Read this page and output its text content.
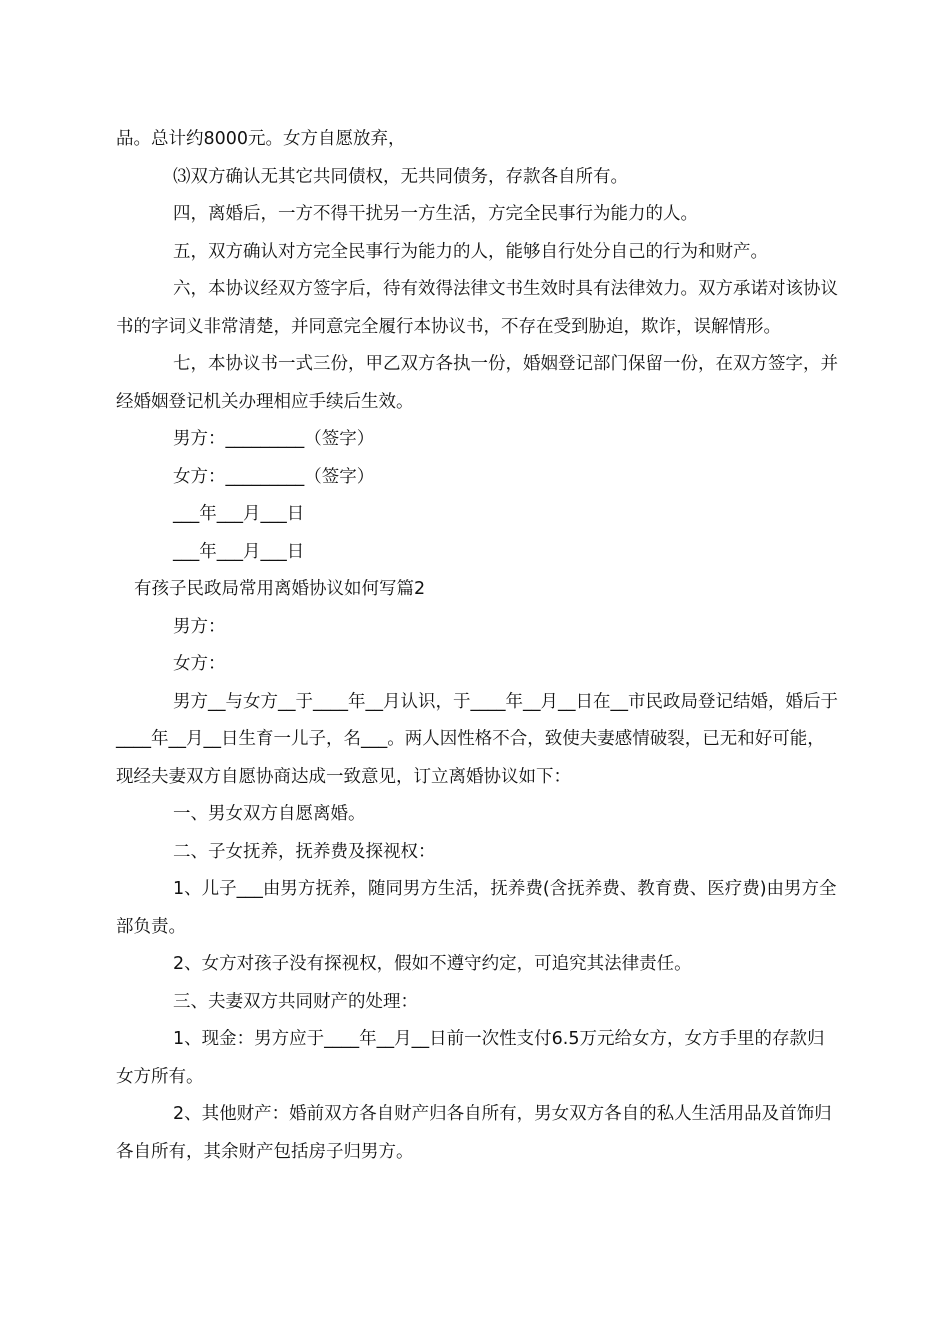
品。总计约8000元。女方自愿放弃，

⑶双方确认无其它共同债权，无共同债务，存款各自所有。

四，离婚后，一方不得干扰另一方生活，方完全民事行为能力的人。

五，双方确认对方完全民事行为能力的人，能够自行处分自己的行为和财产。

六，本协议经双方签字后，待有效得法律文书生效时具有法律效力。双方承诺对该协议书的字词义非常清楚，并同意完全履行本协议书，不存在受到胁迫，欺诈，误解情形。

七，本协议书一式三份，甲乙双方各执一份，婚姻登记部门保留一份，在双方签字，并经婚姻登记机关办理相应手续后生效。

男方：_________（签字）

女方：_________（签字）

___年___月___日

___年___月___日

有孩子民政局常用离婚协议如何写篇2

男方：

女方：

男方__与女方__于____年__月认识，于____年__月__日在__市民政局登记结婚，婚后于____年__月__日生育一儿子，名___。两人因性格不合，致使夫妻感情破裂，已无和好可能，现经夫妻双方自愿协商达成一致意见，订立离婚协议如下：

一、男女双方自愿离婚。

二、子女抚养，抚养费及探视权：

1、儿子___由男方抚养，随同男方生活，抚养费(含抚养费、教育费、医疗费)由男方全部负责。

2、女方对孩子没有探视权，假如不遵守约定，可追究其法律责任。

三、夫妻双方共同财产的处理：

1、现金：男方应于____年__月__日前一次性支付6.5万元给女方，女方手里的存款归女方所有。

2、其他财产：婚前双方各自财产归各自所有，男女双方各自的私人生活用品及首饰归各自所有，其余财产包括房子归男方。
